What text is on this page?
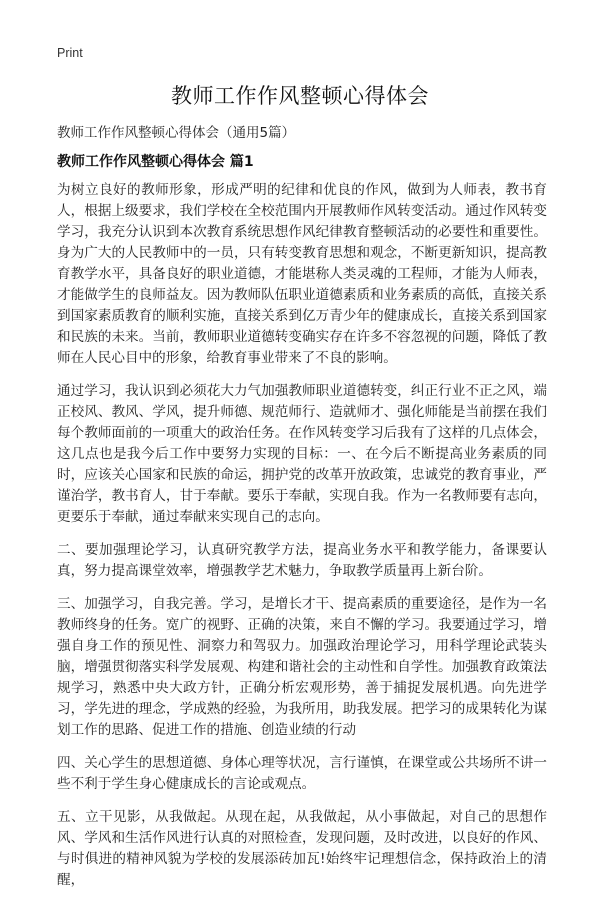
Print
教师工作作风整顿心得体会
教师工作作风整顿心得体会（通用5篇）
教师工作作风整顿心得体会 篇1

为树立良好的教师形象，形成严明的纪律和优良的作风，做到为人师表，教书育人，根据上级要求，我们学校在全校范围内开展教师作风转变活动。通过作风转变学习，我充分认识到本次教育系统思想作风纪律教育整顿活动的必要性和重要性。身为广大的人民教师中的一员，只有转变教育思想和观念，不断更新知识，提高教育教学水平，具备良好的职业道德，才能堪称人类灵魂的工程师，才能为人师表，才能做学生的良师益友。因为教师队伍职业道德素质和业务素质的高低，直接关系到国家素质教育的顺利实施，直接关系到亿万青少年的健康成长，直接关系到国家和民族的未来。当前，教师职业道德转变确实存在许多不容忽视的问题，降低了教师在人民心目中的形象，给教育事业带来了不良的影响。

通过学习，我认识到必须花大力气加强教师职业道德转变，纠正行业不正之风，端正校风、教风、学风，提升师德、规范师行、造就师才、强化师能是当前摆在我们每个教师面前的一项重大的政治任务。在作风转变学习后我有了这样的几点体会，这几点也是我今后工作中要努力实现的目标：一、在今后不断提高业务素质的同时，应该关心国家和民族的命运，拥护党的改革开放政策，忠诚党的教育事业，严谨治学，教书育人，甘于奉献。要乐于奉献，实现自我。作为一名教师要有志向，更要乐于奉献，通过奉献来实现自己的志向。

二、要加强理论学习，认真研究教学方法，提高业务水平和教学能力，备课要认真，努力提高课堂效率，增强教学艺术魅力，争取教学质量再上新台阶。

三、加强学习，自我完善。学习，是增长才干、提高素质的重要途径，是作为一名教师终身的任务。宽广的视野、正确的决策，来自不懈的学习。我要通过学习，增强自身工作的预见性、洞察力和驾驭力。加强政治理论学习，用科学理论武装头脑，增强贯彻落实科学发展观、构建和谐社会的主动性和自学性。加强教育政策法规学习，熟悉中央大政方针，正确分析宏观形势，善于捕捉发展机遇。向先进学习，学先进的理念，学成熟的经验，为我所用，助我发展。把学习的成果转化为谋划工作的思路、促进工作的措施、创造业绩的行动

四、关心学生的思想道德、身体心理等状况，言行谨慎，在课堂或公共场所不讲一些不利于学生身心健康成长的言论或观点。

五、立干见影，从我做起。从现在起，从我做起，从小事做起，对自己的思想作风、学风和生活作风进行认真的对照检查，发现问题，及时改进，以良好的作风、与时俱进的精神风貌为学校的发展添砖加瓦!始终牢记理想信念，保持政治上的清醒，
